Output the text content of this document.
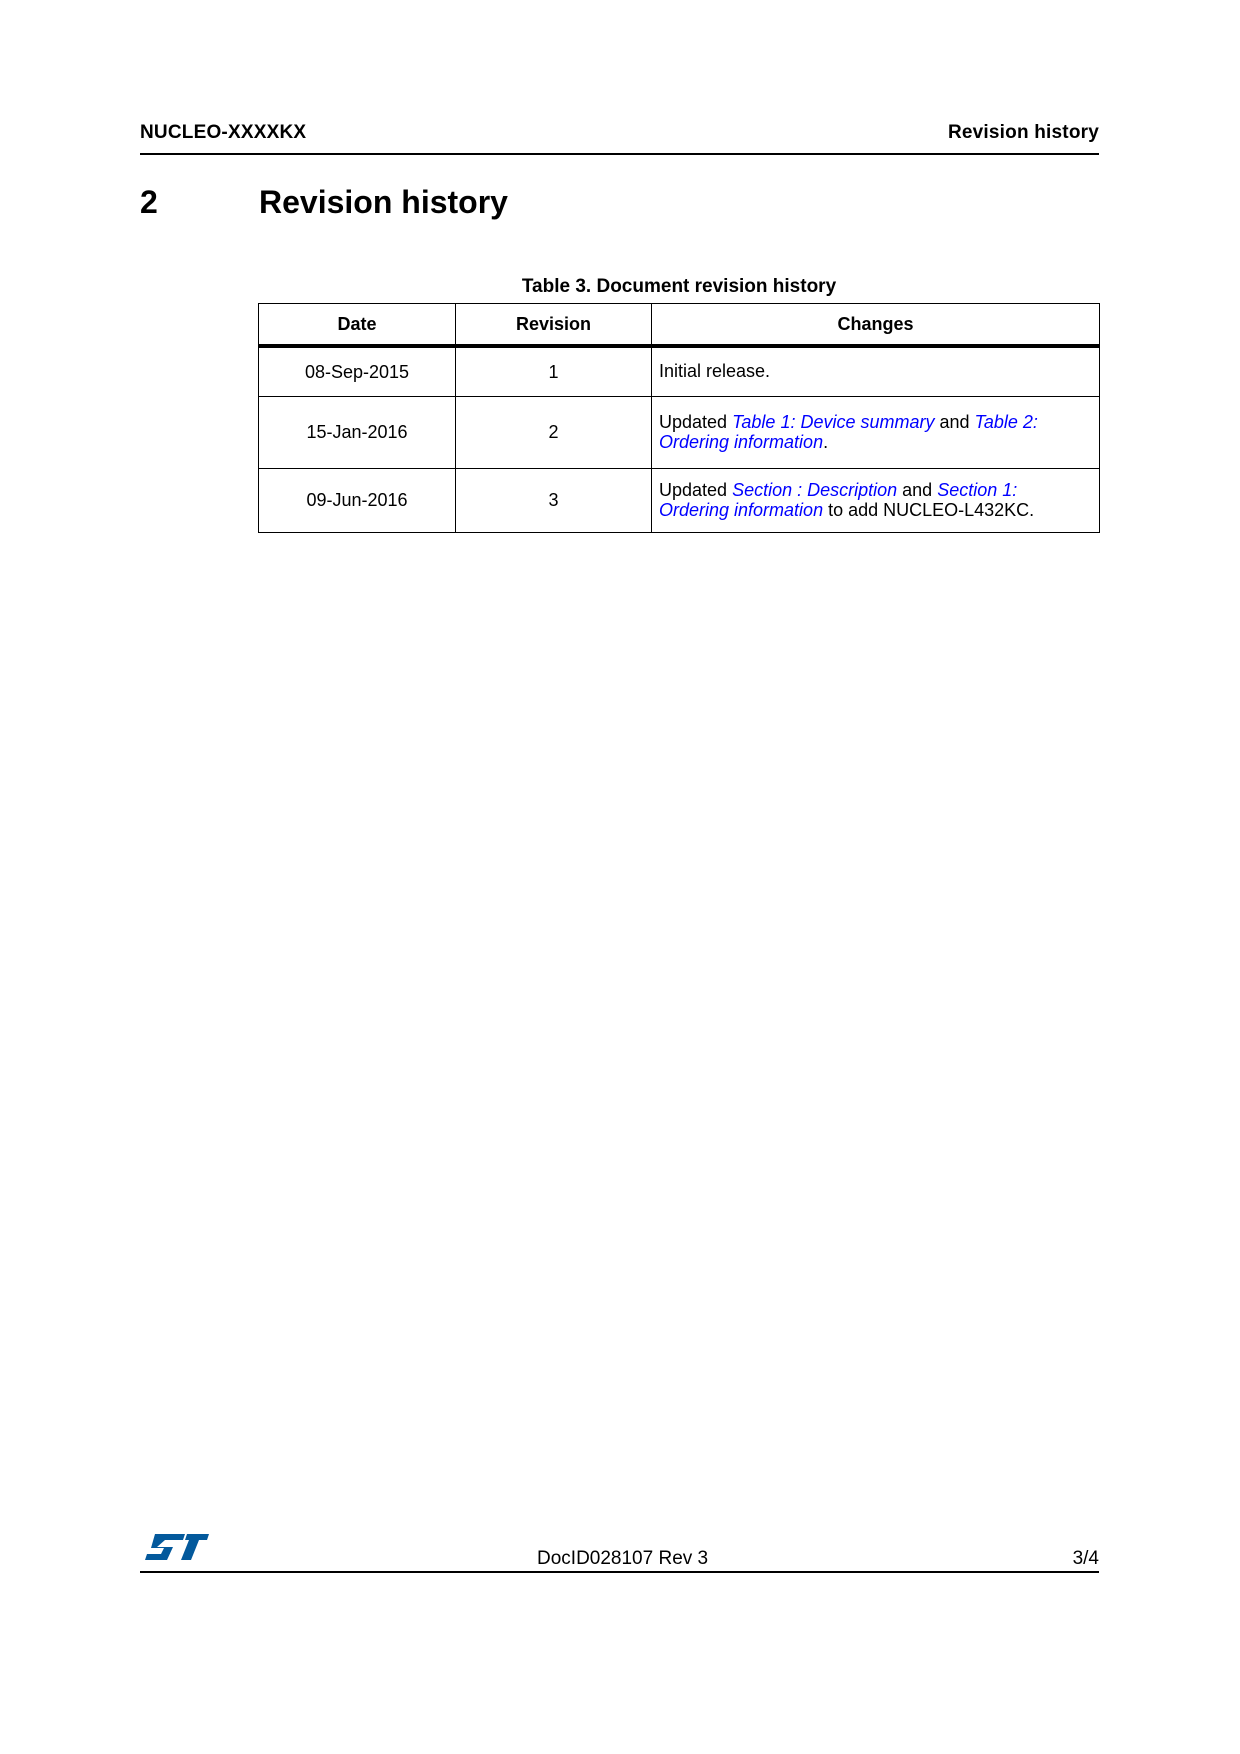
NUCLEO-XXXXKX	Revision history
2	Revision history
Table 3. Document revision history
Date	Revision	Changes
08-Sep-2015	1	Initial release.
15-Jan-2016	2	Updated Table 1: Device summary and Table 2: Ordering information.
09-Jun-2016	3	Updated Section : Description and Section 1: Ordering information to add NUCLEO-L432KC.
DocID028107 Rev 3	3/4
